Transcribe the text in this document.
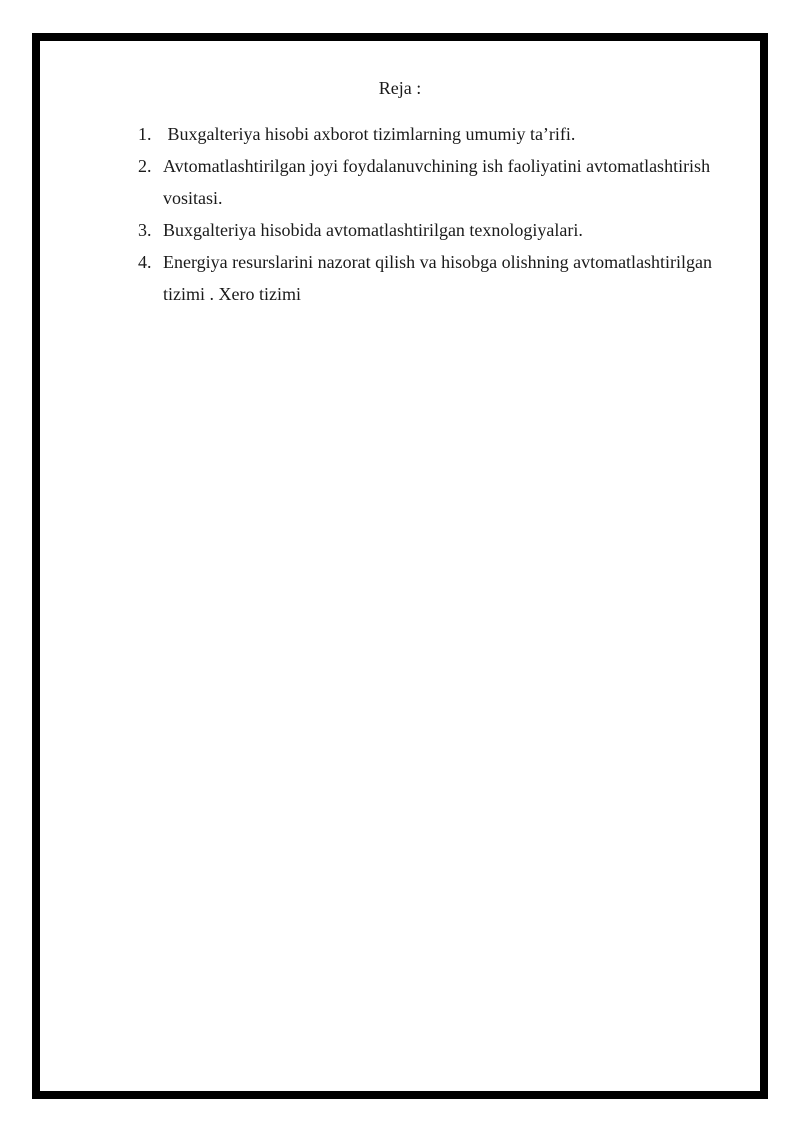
Reja :
1. Buxgalteriya hisobi axborot tizimlarning umumiy ta’rifi.
2. Avtomatlashtirilgan joyi foydalanuvchining ish faoliyatini avtomatlashtirish vositasi.
3. Buxgalteriya hisobida avtomatlashtirilgan texnologiyalari.
4. Energiya resurslarini nazorat qilish va hisobga olishning avtomatlashtirilgan tizimi . Xero tizimi
